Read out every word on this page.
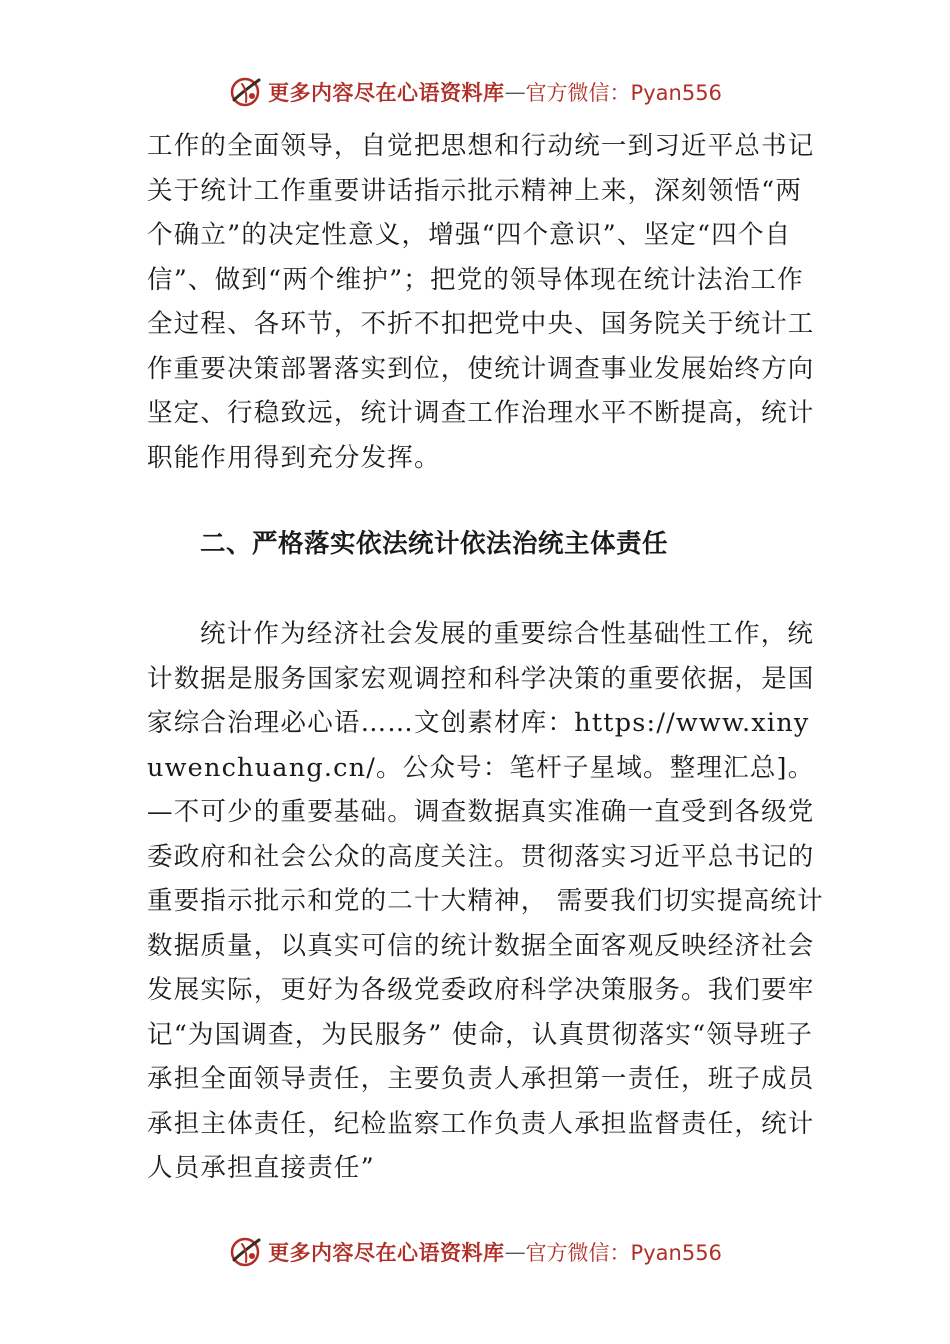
更多内容尽在心语资料库 — 官方微信：Pyan556

工作的全面领导，自觉把思想和行动统一到习近平总书记关于统计工作重要讲话指示批示精神上来，深刻领悟“两个确立”的决定性意义，增强“四个意识”、坚定“四个自信”、做到“两个维护”；把党的领导体现在统计法治工作全过程、各环节，不折不扣把党中央、国务院关于统计工作重要决策部署落实到位，使统计调查事业发展始终方向坚定、行稳致远，统计调查工作治理水平不断提高，统计职能作用得到充分发挥。

二、严格落实依法统计依法治统主体责任

统计作为经济社会发展的重要综合性基础性工作，统计数据是服务国家宏观调控和科学决策的重要依据，是国家综合治理必心语……文创素材库：https://www.xinyuwenchuang.cn/。公众号：笔杆子星域。整理汇总]。—不可少的重要基础。调查数据真实准确一直受到各级党委政府和社会公众的高度关注。贯彻落实习近平总书记的重要指示批示和党的二十大精神， 需要我们切实提高统计数据质量，以真实可信的统计数据全面客观反映经济社会发展实际，更好为各级党委政府科学决策服务。我们要牢记“为国调查，为民服务” 使命，认真贯彻落实“领导班子承担全面领导责任，主要负责人承担第一责任，班子成员承担主体责任，纪检监察工作负责人承担监督责任，统计人员承担直接责任”

更多内容尽在心语资料库 — 官方微信：Pyan556
